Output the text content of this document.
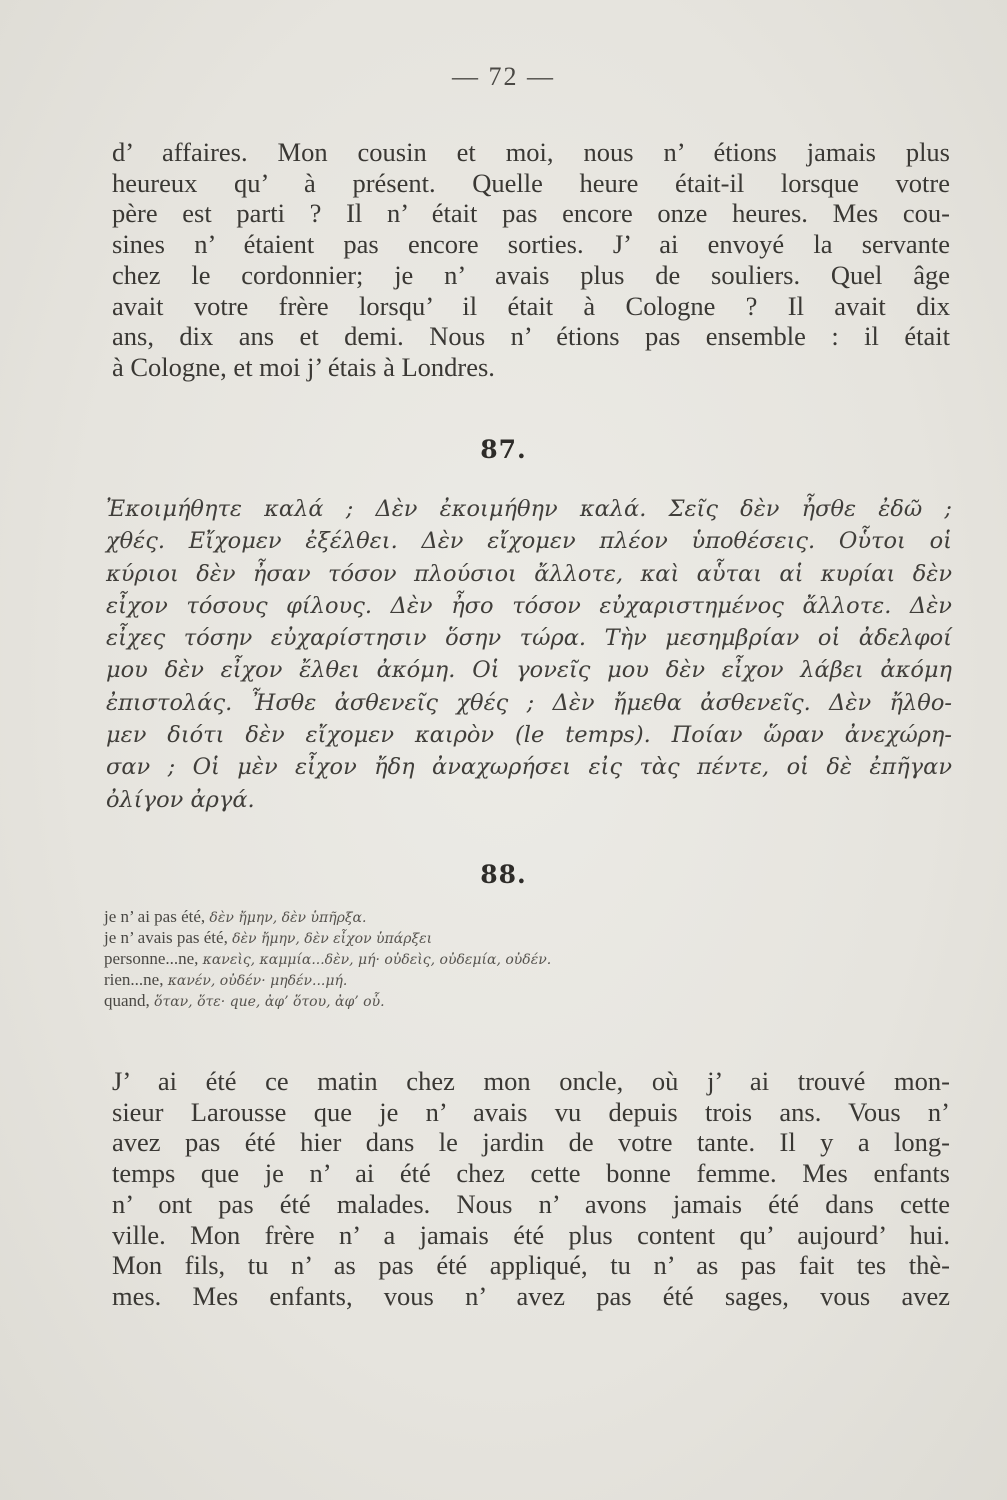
— 72 —
d’ affaires. Mon cousin et moi, nous n’ étions jamais plus
heureux qu’ à présent. Quelle heure était-il lorsque votre
père est parti ? Il n’ était pas encore onze heures. Mes cou-
sines n’ étaient pas encore sorties. J’ ai envoyé la servante
chez le cordonnier; je n’ avais plus de souliers. Quel âge
avait votre frère lorsqu’ il était à Cologne ? Il avait dix
ans, dix ans et demi. Nous n’ étions pas ensemble : il était
à Cologne, et moi j’ étais à Londres.
87.
Ἐκοιμήθητε καλά ; Δὲν ἐκοιμήθην καλά. Σεῖς δὲν ἦσθε ἐδῶ ;
χθές. Εἴχομεν ἐξέλθει. Δὲν εἴχομεν πλέον ὑποθέσεις. Οὗτοι οἱ
κύριοι δὲν ἦσαν τόσον πλούσιοι ἄλλοτε, καὶ αὗται αἱ κυρίαι δὲν
εἶχον τόσους φίλους. Δὲν ἦσο τόσον εὐχαριστημένος ἄλλοτε. Δὲν
εἶχες τόσην εὐχαρίστησιν ὅσην τώρα. Τὴν μεσημβρίαν οἱ ἀδελφοί
μου δὲν εἶχον ἔλθει ἀκόμη. Οἱ γονεῖς μου δὲν εἶχον λάβει ἀκόμη
ἐπιστολάς. Ἦσθε ἀσθενεῖς χθές ; Δὲν ἤμεθα ἀσθενεῖς. Δὲν ἤλθο-
μεν διότι δὲν εἴχομεν καιρὸν (le temps). Ποίαν ὥραν ἀνεχώρη-
σαν ; Οἱ μὲν εἶχον ἤδη ἀναχωρήσει εἰς τὰς πέντε, οἱ δὲ ἐπῆγαν
ὀλίγον ἀργά.
88.
je n’ ai pas été, δὲν ἤμην, δὲν ὑπῆρξα.
je n’ avais pas été, δὲν ἤμην, δὲν εἶχον ὑπάρξει
personne...ne, κανεὶς, καμμία...δὲν, μή· οὐδεὶς, οὐδεμία, οὐδέν.
rien...ne, κανέν, οὐδέν· μηδέν...μή.
quand, ὅταν, ὅτε· que, ἀφ’ ὅτου, ἀφ’ οὗ.
J’ ai été ce matin chez mon oncle, où j’ ai trouvé mon-
sieur Larousse que je n’ avais vu depuis trois ans. Vous n’
avez pas été hier dans le jardin de votre tante. Il y a long-
temps que je n’ ai été chez cette bonne femme. Mes enfants
n’ ont pas été malades. Nous n’ avons jamais été dans cette
ville. Mon frère n’ a jamais été plus content qu’ aujourd’ hui.
Mon fils, tu n’ as pas été appliqué, tu n’ as pas fait tes thè-
mes. Mes enfants, vous n’ avez pas été sages, vous avez
